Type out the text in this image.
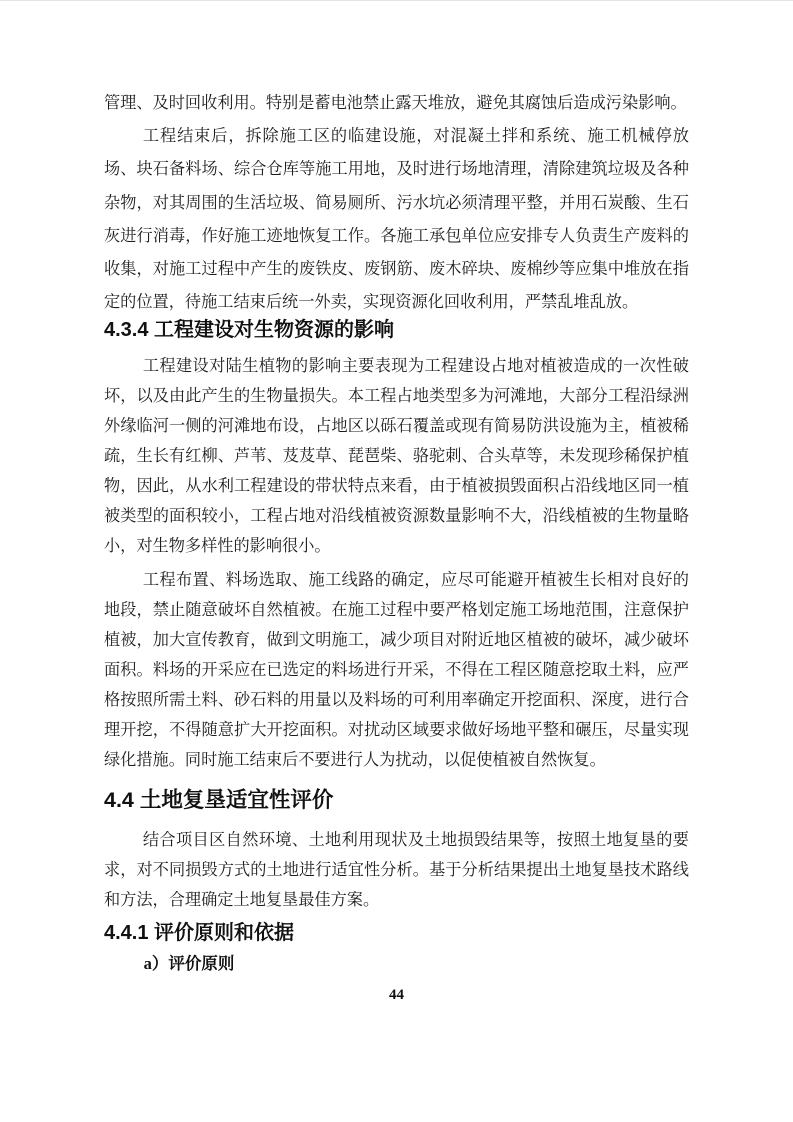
管理、及时回收利用。特别是蓄电池禁止露天堆放，避免其腐蚀后造成污染影响。

工程结束后，拆除施工区的临建设施，对混凝土拌和系统、施工机械停放场、块石备料场、综合仓库等施工用地，及时进行场地清理，清除建筑垃圾及各种杂物，对其周围的生活垃圾、简易厕所、污水坑必须清理平整，并用石炭酸、生石灰进行消毒，作好施工迹地恢复工作。各施工承包单位应安排专人负责生产废料的收集，对施工过程中产生的废铁皮、废钢筋、废木碎块、废棉纱等应集中堆放在指定的位置，待施工结束后统一外卖，实现资源化回收利用，严禁乱堆乱放。

4.3.4 工程建设对生物资源的影响

工程建设对陆生植物的影响主要表现为工程建设占地对植被造成的一次性破坏，以及由此产生的生物量损失。本工程占地类型多为河滩地，大部分工程沿绿洲外缘临河一侧的河滩地布设，占地区以砾石覆盖或现有简易防洪设施为主，植被稀疏，生长有红柳、芦苇、芨芨草、琵琶柴、骆驼刺、合头草等，未发现珍稀保护植物，因此，从水利工程建设的带状特点来看，由于植被损毁面积占沿线地区同一植被类型的面积较小，工程占地对沿线植被资源数量影响不大，沿线植被的生物量略小，对生物多样性的影响很小。

工程布置、料场选取、施工线路的确定，应尽可能避开植被生长相对良好的地段，禁止随意破坏自然植被。在施工过程中要严格划定施工场地范围，注意保护植被，加大宣传教育，做到文明施工，减少项目对附近地区植被的破坏，减少破坏面积。料场的开采应在已选定的料场进行开采，不得在工程区随意挖取土料，应严格按照所需土料、砂石料的用量以及料场的可利用率确定开挖面积、深度，进行合理开挖，不得随意扩大开挖面积。对扰动区域要求做好场地平整和碾压，尽量实现绿化措施。同时施工结束后不要进行人为扰动，以促使植被自然恢复。

4.4 土地复垦适宜性评价

结合项目区自然环境、土地利用现状及土地损毁结果等，按照土地复垦的要求，对不同损毁方式的土地进行适宜性分析。基于分析结果提出土地复垦技术路线和方法，合理确定土地复垦最佳方案。

4.4.1 评价原则和依据

a）评价原则

44
